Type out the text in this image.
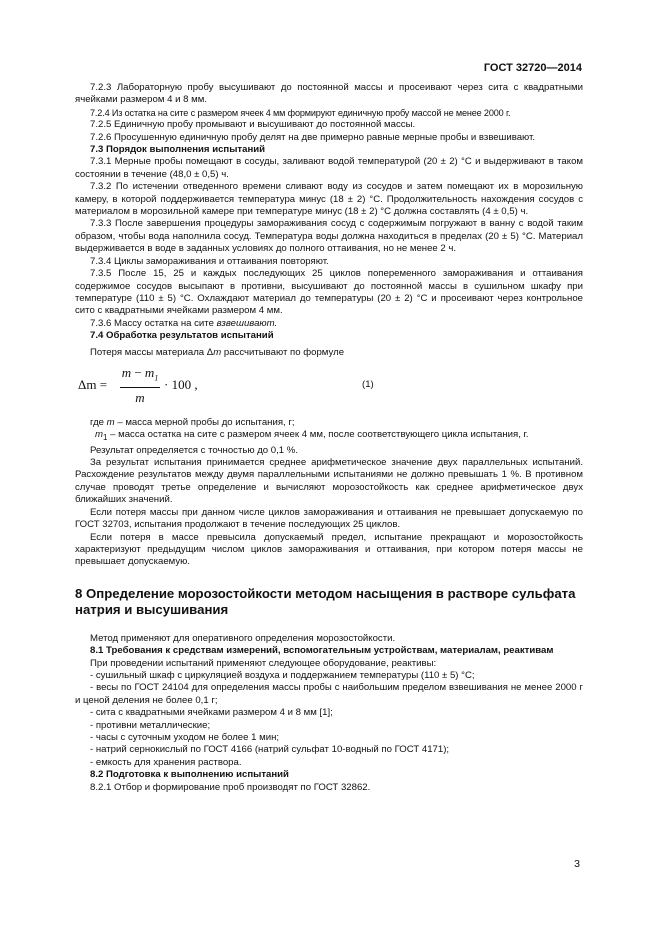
ГОСТ 32720—2014

7.2.3 Лабораторную пробу высушивают до постоянной массы и просеивают через сита с квадратными ячейками размером 4 и 8 мм.

7.2.4 Из остатка на сите с размером ячеек 4 мм формируют единичную пробу массой не менее 2000 г.

7.2.5 Единичную пробу промывают и высушивают до постоянной массы.

7.2.6 Просушенную единичную пробу делят на две примерно равные мерные пробы и взвешивают.

7.3 Порядок выполнения испытаний

7.3.1 Мерные пробы помещают в сосуды, заливают водой температурой (20 ± 2) °С и выдерживают в таком состоянии в течение (48,0 ± 0,5) ч.

7.3.2 По истечении отведенного времени сливают воду из сосудов и затем помещают их в морозильную камеру, в которой поддерживается температура минус (18 ± 2) °С. Продолжительность нахождения сосудов с материалом в морозильной камере при температуре минус (18 ± 2) °С должна составлять (4 ± 0,5) ч.

7.3.3 После завершения процедуры замораживания сосуд с содержимым погружают в ванну с водой таким образом, чтобы вода наполнила сосуд. Температура воды должна находиться в пределах (20 ± 5) °С. Материал выдерживается в воде в заданных условиях до полного оттаивания, но не менее 2 ч.

7.3.4 Циклы замораживания и оттаивания повторяют.

7.3.5 После 15, 25 и каждых последующих 25 циклов попеременного замораживания и оттаивания содержимое сосудов высыпают в противни, высушивают до постоянной массы в сушильном шкафу при температуре (110 ± 5) °С. Охлаждают материал до температуры (20 ± 2) °С и просеивают через контрольное сито с квадратными ячейками размером 4 мм.

7.3.6 Массу остатка на сите взвешивают.

7.4 Обработка результатов испытаний

Потеря массы материала Δm рассчитывают по формуле

$\Delta m = \frac{m - m_1}{m} \cdot 100$ ,	(1)

где m – масса мерной пробы до испытания, г;

$m_1$ – масса остатка на сите с размером ячеек 4 мм, после соответствующего цикла испытания, г.

Результат определяется с точностью до 0,1 %.

За результат испытания принимается среднее арифметическое значение двух параллельных испытаний. Расхождение результатов между двумя параллельными испытаниями не должно превышать 1 %. В противном случае проводят третье определение и вычисляют морозостойкость как среднее арифметическое двух ближайших значений.

Если потеря массы при данном числе циклов замораживания и оттаивания не превышает допускаемую по ГОСТ 32703, испытания продолжают в течение последующих 25 циклов.

Если потеря в массе превысила допускаемый предел, испытание прекращают и морозостойкость характеризуют предыдущим числом циклов замораживания и оттаивания, при котором потеря массы не превышает допускаемую.

8 Определение морозостойкости методом насыщения в растворе сульфата натрия и высушивания

Метод применяют для оперативного определения морозостойкости.

8.1 Требования к средствам измерений, вспомогательным устройствам, материалам, реактивам

При проведении испытаний применяют следующее оборудование, реактивы:

- сушильный шкаф с циркуляцией воздуха и поддержанием температуры (110 ± 5) °С;

- весы по ГОСТ 24104 для определения массы пробы с наибольшим пределом взвешивания не менее 2000 г и ценой деления не более 0,1 г;

- сита с квадратными ячейками размером 4 и 8 мм [1];

- противни металлические;

- часы с суточным уходом не более 1 мин;

- натрий сернокислый по ГОСТ 4166 (натрий сульфат 10-водный по ГОСТ 4171);

- емкость для хранения раствора.

8.2 Подготовка к выполнению испытаний

8.2.1 Отбор и формирование проб производят по ГОСТ 32862.

3
